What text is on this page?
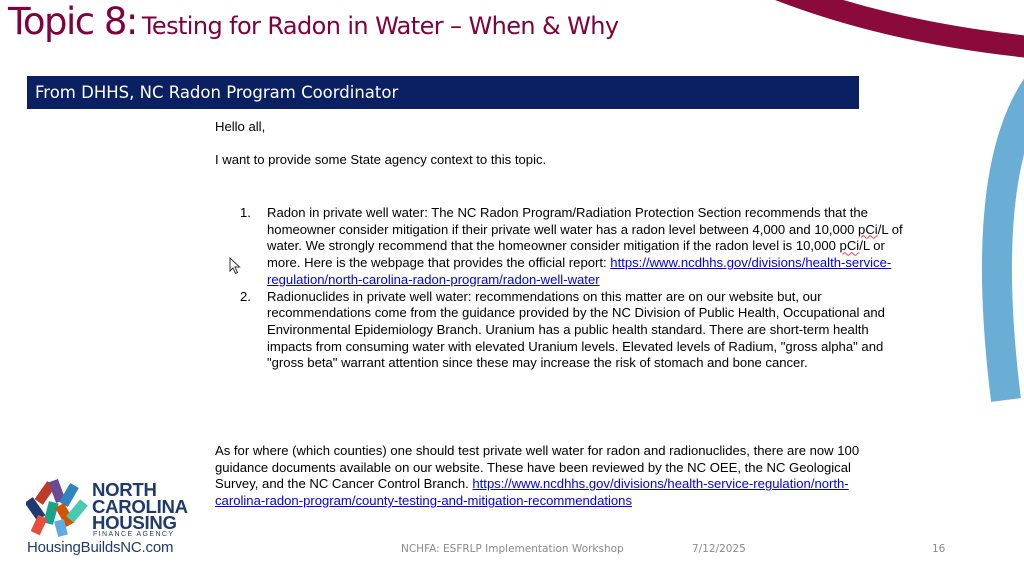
Topic 8: Testing for Radon in Water – When & Why
From DHHS, NC Radon Program Coordinator
Hello all,
I want to provide some State agency context to this topic.
1. Radon in private well water: The NC Radon Program/Radiation Protection Section recommends that the homeowner consider mitigation if their private well water has a radon level between 4,000 and 10,000 pCi/L of water. We strongly recommend that the homeowner consider mitigation if the radon level is 10,000 pCi/L or more. Here is the webpage that provides the official report: https://www.ncdhhs.gov/divisions/health-service-regulation/north-carolina-radon-program/radon-well-water
2. Radionuclides in private well water: recommendations on this matter are on our website but, our recommendations come from the guidance provided by the NC Division of Public Health, Occupational and Environmental Epidemiology Branch. Uranium has a public health standard. There are short-term health impacts from consuming water with elevated Uranium levels. Elevated levels of Radium, "gross alpha" and "gross beta" warrant attention since these may increase the risk of stomach and bone cancer.
As for where (which counties) one should test private well water for radon and radionuclides, there are now 100 guidance documents available on our website. These have been reviewed by the NC OEE, the NC Geological Survey, and the NC Cancer Control Branch. https://www.ncdhhs.gov/divisions/health-service-regulation/north-carolina-radon-program/county-testing-and-mitigation-recommendations
NORTH
CAROLINA
HOUSING
FINANCE AGENCY
HousingBuildsNC.com	NCHFA: ESFRLP Implementation Workshop	7/12/2025	16
